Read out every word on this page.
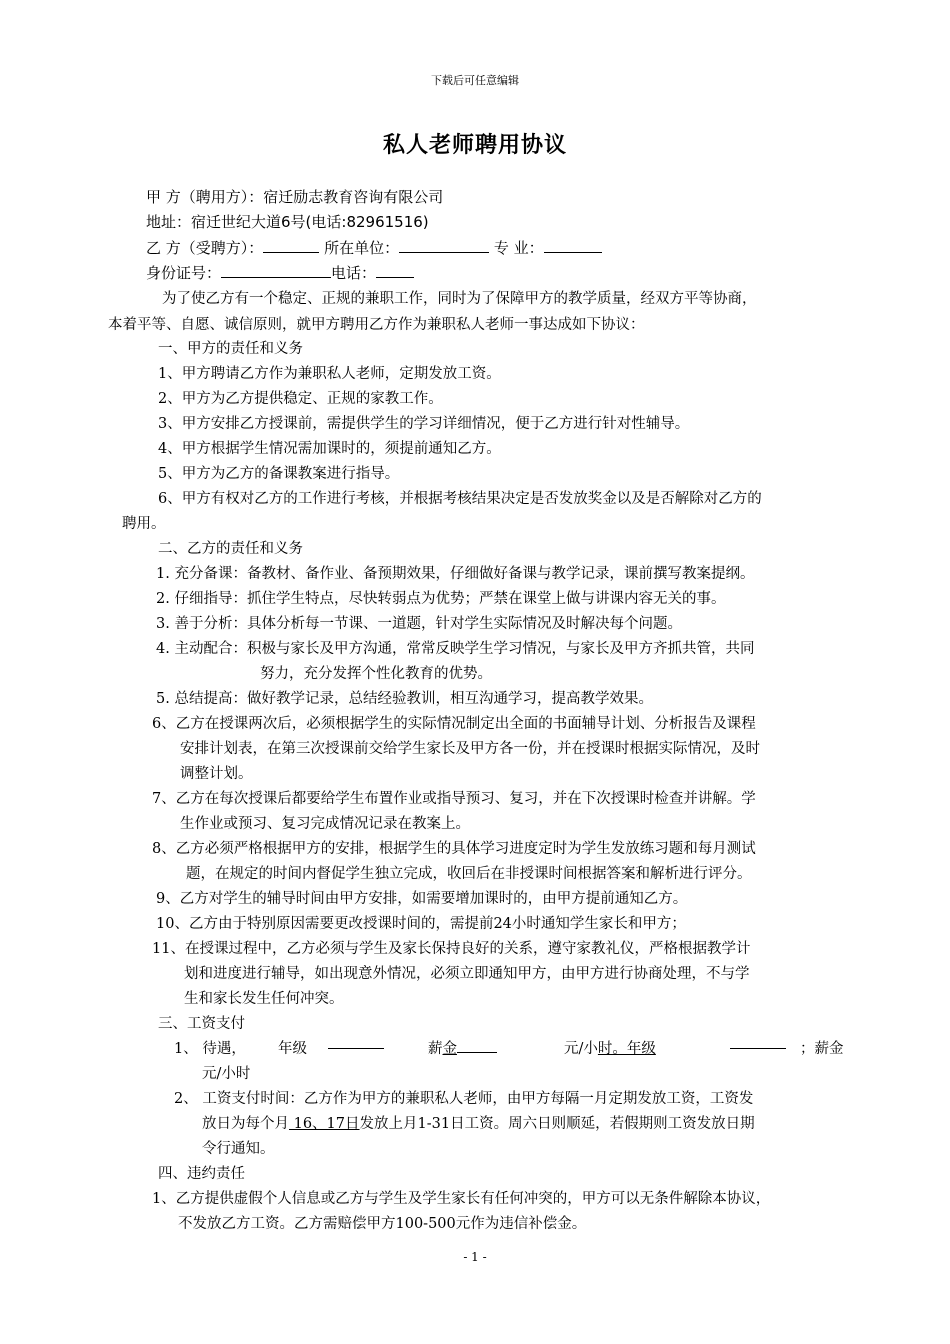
下载后可任意编辑
私人老师聘用协议
甲 方（聘用方）：宿迁励志教育咨询有限公司
地址：宿迁世纪大道6号(电话:82961516)
乙 方（受聘方）：	所在单位：	专 业：
身份证号：	电话：
为了使乙方有一个稳定、正规的兼职工作，同时为了保障甲方的教学质量，经双方平等协商，
本着平等、自愿、诚信原则，就甲方聘用乙方作为兼职私人老师一事达成如下协议：
一、甲方的责任和义务
1、甲方聘请乙方作为兼职私人老师，定期发放工资。
2、甲方为乙方提供稳定、正规的家教工作。
3、甲方安排乙方授课前，需提供学生的学习详细情况，便于乙方进行针对性辅导。
4、甲方根据学生情况需加课时的，须提前通知乙方。
5、甲方为乙方的备课教案进行指导。
6、甲方有权对乙方的工作进行考核，并根据考核结果决定是否发放奖金以及是否解除对乙方的
聘用。
二、乙方的责任和义务
1. 充分备课：备教材、备作业、备预期效果，仔细做好备课与教学记录，课前撰写教案提纲。
2. 仔细指导：抓住学生特点，尽快转弱点为优势；严禁在课堂上做与讲课内容无关的事。
3. 善于分析：具体分析每一节课、一道题，针对学生实际情况及时解决每个问题。
4. 主动配合：积极与家长及甲方沟通，常常反映学生学习情况，与家长及甲方齐抓共管，共同
努力，充分发挥个性化教育的优势。
5. 总结提高：做好教学记录，总结经验教训，相互沟通学习，提高教学效果。
6、乙方在授课两次后，必须根据学生的实际情况制定出全面的书面辅导计划、分析报告及课程
安排计划表，在第三次授课前交给学生家长及甲方各一份，并在授课时根据实际情况，及时
调整计划。
7、乙方在每次授课后都要给学生布置作业或指导预习、复习，并在下次授课时检查并讲解。学
生作业或预习、复习完成情况记录在教案上。
8、乙方必须严格根据甲方的安排，根据学生的具体学习进度定时为学生发放练习题和每月测试
题，在规定的时间内督促学生独立完成，收回后在非授课时间根据答案和解析进行评分。
9、乙方对学生的辅导时间由甲方安排，如需要增加课时的，由甲方提前通知乙方。
10、乙方由于特别原因需要更改授课时间的，需提前24小时通知学生家长和甲方；
11、在授课过程中，乙方必须与学生及家长保持良好的关系，遵守家教礼仪，严格根据教学计
划和进度进行辅导，如出现意外情况，必须立即通知甲方，由甲方进行协商处理，不与学
生和家长发生任何冲突。
三、工资支付
1、 待遇， 年级	薪金	元/小时。年级	；薪金
元/小时
2、 工资支付时间：乙方作为甲方的兼职私人老师，由甲方每隔一月定期发放工资，工资发
放日为每个月 16、17日发放上月1-31日工资。周六日则顺延，若假期则工资发放日期
令行通知。
四、违约责任
1、乙方提供虚假个人信息或乙方与学生及学生家长有任何冲突的，甲方可以无条件解除本协议，
不发放乙方工资。乙方需赔偿甲方100-500元作为违信补偿金。
- 1 -
